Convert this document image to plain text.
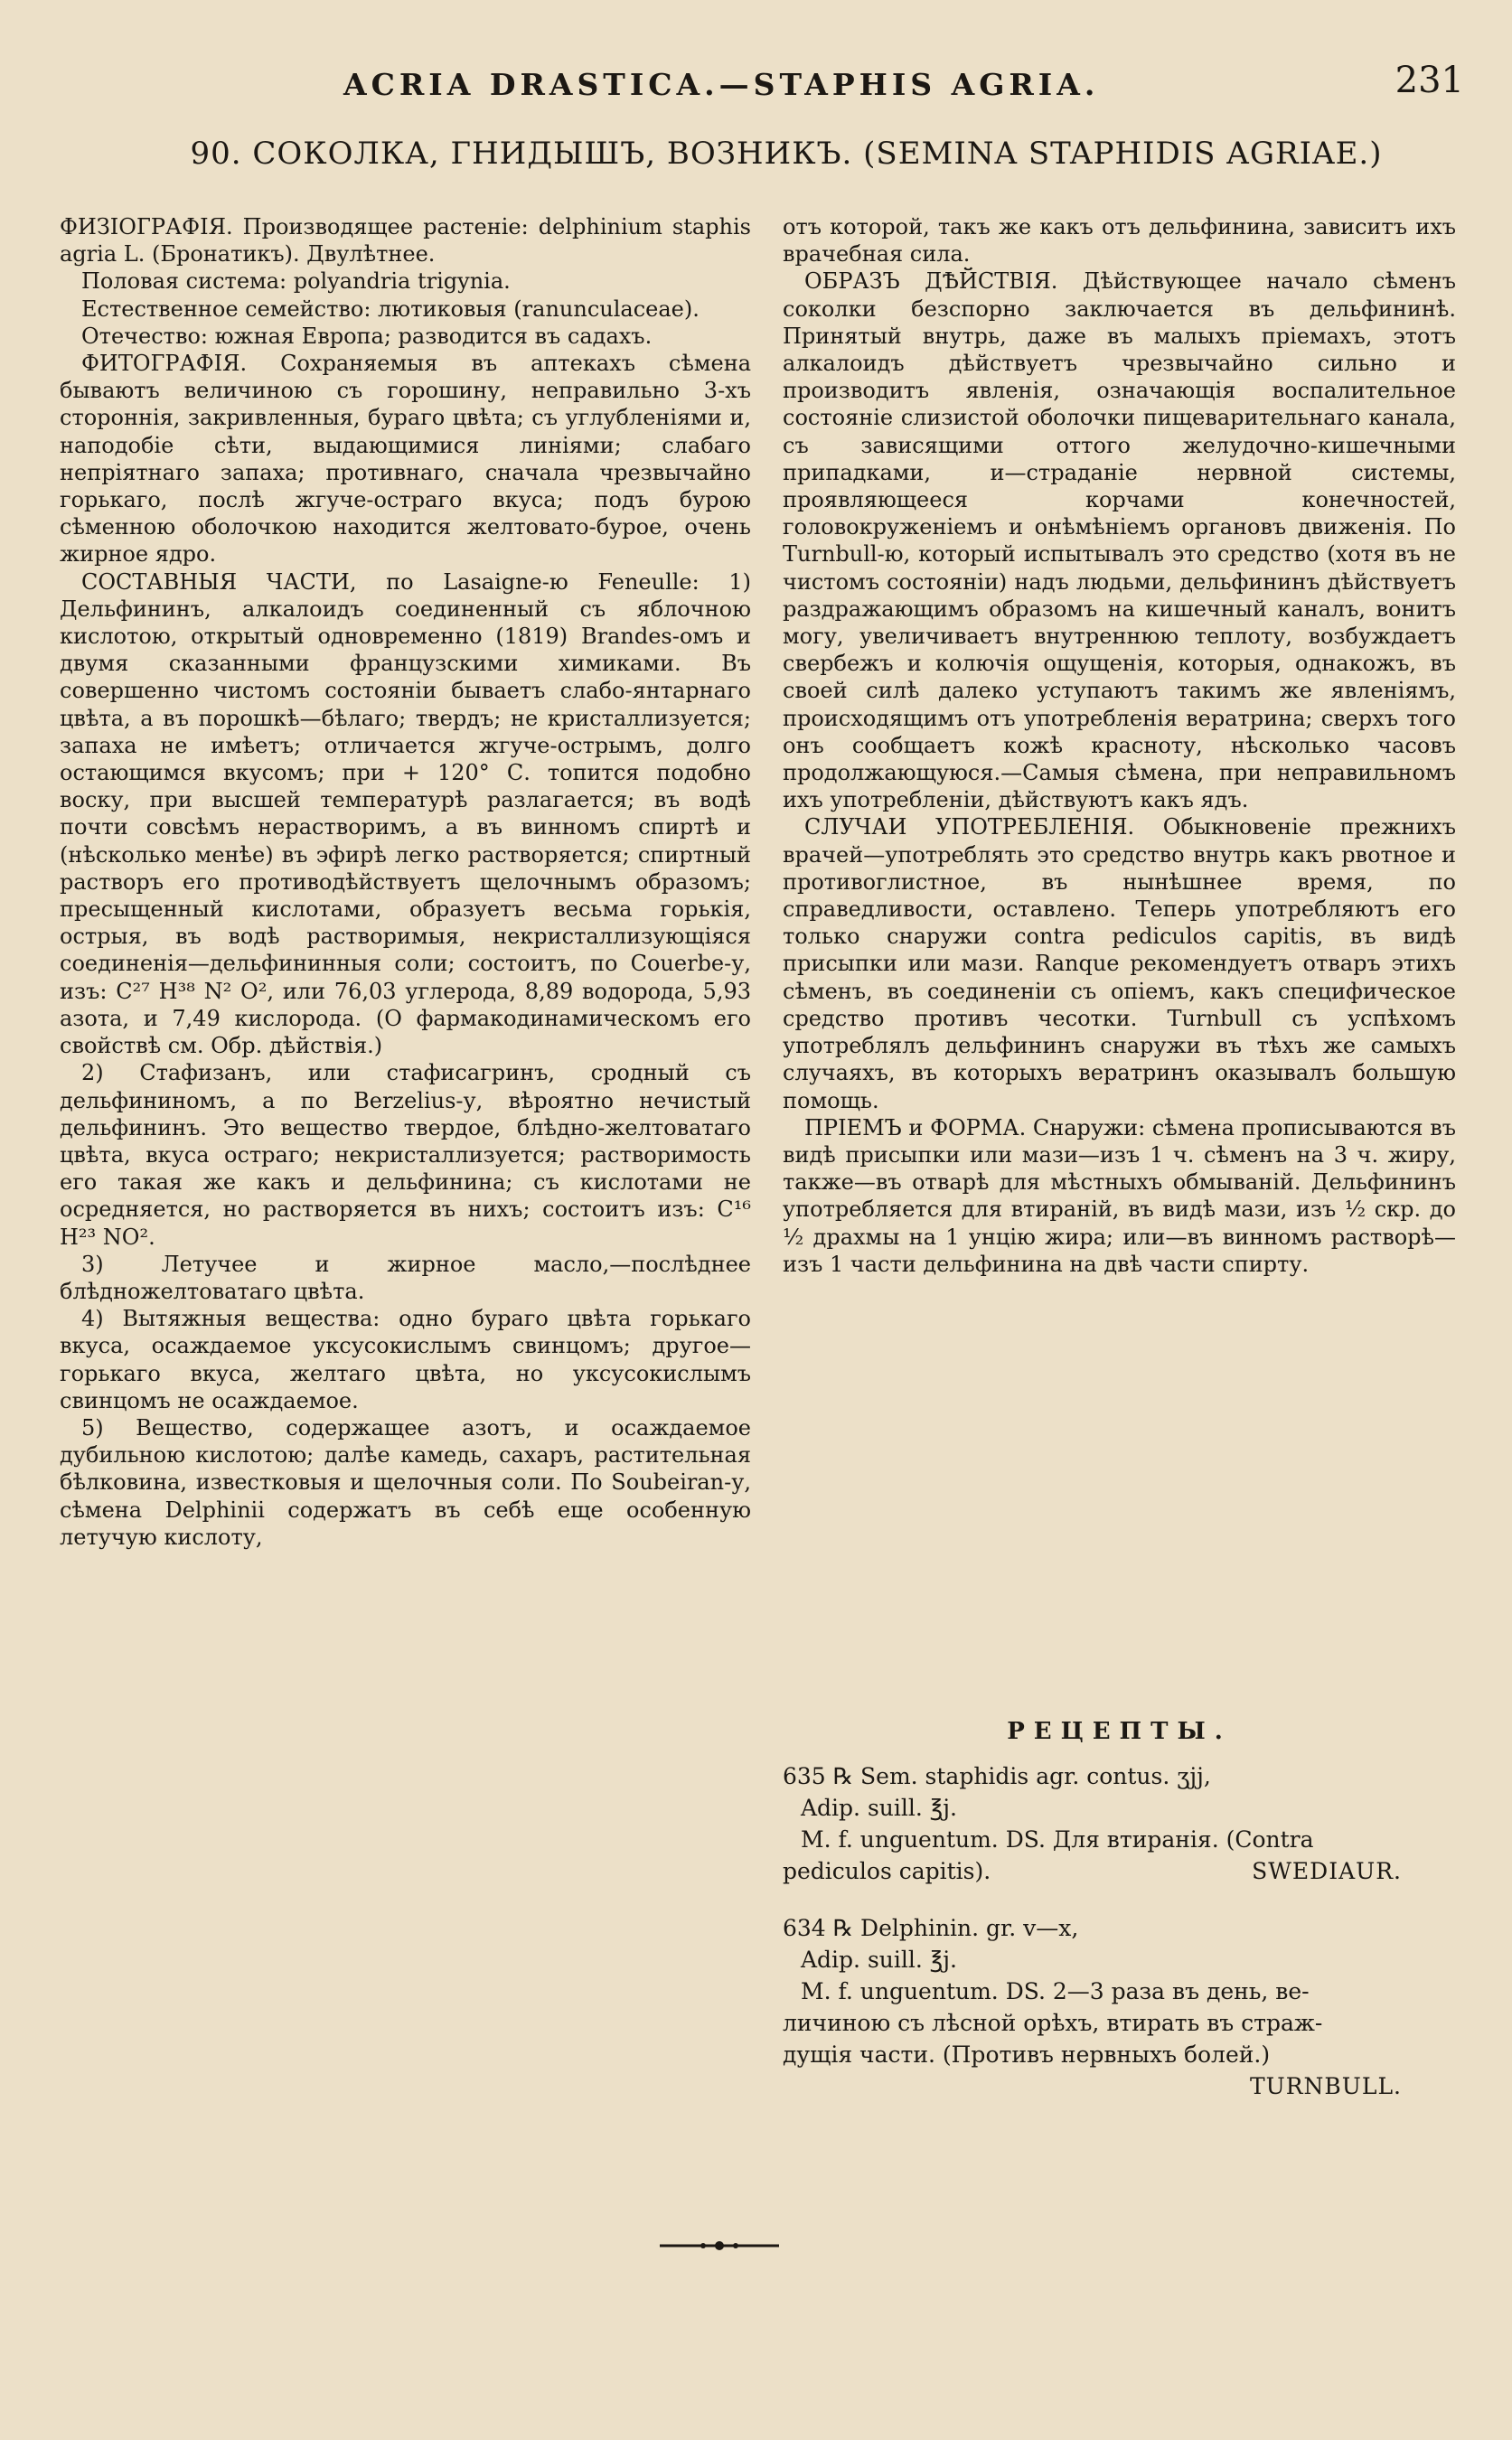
ACRIA DRASTICA.—STAPHIS AGRIA.	231
90. СОКОЛКА, ГНИДЫШЪ, ВОЗНИКЪ. (SEMINA STAPHIDIS AGRIAE.)

ФИЗIОГРАФIЯ. Производящее растенiе: delphinium staphis agria L. (Бронатикъ). Двулѣтнее.

Половая система: polyandria trigynia.

Естественное семейство: лютиковыя (ranunculaceae).

Отечество: южная Европа; разводится въ садахъ.

ФИТОГРАФIЯ. Сохраняемыя въ аптекахъ сѣмена бываютъ величиною съ горошину, неправильно 3-хъ стороннiя, закривленныя, бураго цвѣта; съ углубленiями и, наподобie сѣти, выдающимися линiями; слабаго непрiятнаго запаха; противнаго, сначала чрезвычайно горькаго, послѣ жгуче-остраго вкуса; подъ бурою сѣменною оболочкою находится желтовато-бурое, очень жирное ядро.

СОСТАВНЫЯ ЧАСТИ, по Lasaigne-ю Feneulle: 1) Дельфининъ, алкалоидъ соединенный съ яблочною кислотою, открытый одновременно (1819) Brandes-омъ и двумя сказанными французскими химиками. Въ совершенно чистомъ состоянiи бываетъ слабо-янтарнаго цвѣта, а въ порошкѣ—бѣлаго; твердъ; не кристаллизуется; запаха не имѣетъ; отличается жгуче-острымъ, долго остающимся вкусомъ; при + 120° С. топится подобно воску, при высшей температурѣ разлагается; въ водѣ почти совсѣмъ нерастворимъ, а въ винномъ спиртѣ и (нѣсколько менѣе) въ эфирѣ легко растворяется; спиртный растворъ его противодѣйствуетъ щелочнымъ образомъ; пресыщенный кислотами, образуетъ весьма горькiя, острыя, въ водѣ растворимыя, некристаллизующiяся соединенiя—дельфининныя соли; состоитъ, по Couerbe-у, изъ: C²⁷ H³⁸ N² O², или 76,03 углерода, 8,89 водорода, 5,93 азота, и 7,49 кислорода. (О фармакодинамическомъ его свойствѣ см. Обр. дѣйствiя.)

2) Стафизанъ, или стафисагринъ, сродный съ дельфининомъ, а по Berzelius-у, вѣроятно нечистый дельфининъ. Это вещество твердое, блѣдно-желтоватаго цвѣта, вкуса остраго; некристаллизуется; растворимость его такая же какъ и дельфинина; съ кислотами не осредняется, но растворяется въ нихъ; состоитъ изъ: C¹⁶ H²³ NO².

3) Летучее и жирное масло,—послѣднее блѣдножелтоватаго цвѣта.

4) Вытяжныя вещества: одно бураго цвѣта горькаго вкуса, осаждаемое уксусокислымъ свинцомъ; другое—горькаго вкуса, желтаго цвѣта, но уксусокислымъ свинцомъ не осаждаемое.

5) Вещество, содержащее азотъ, и осаждаемое дубильною кислотою; далѣе камедь, сахаръ, растительная бѣлковина, известковыя и щелочныя соли. По Soubeiran-у, сѣмена Delphinii содержатъ въ себѣ еще особенную летучую кислоту,

отъ которой, такъ же какъ отъ дельфинина, зависитъ ихъ врачебная сила.

ОБРАЗЪ ДѢЙСТВIЯ. Дѣйствующее начало сѣменъ соколки безспорно заключается въ дельфининѣ. Принятый внутрь, даже въ малыхъ прiемахъ, этотъ алкалоидъ дѣйствуетъ чрезвычайно сильно и производитъ явленiя, означающiя воспалительное состоянiе слизистой оболочки пищеварительнаго канала, съ зависящими оттого желудочно-кишечными припадками, и—страданie нервной системы, проявляющееся корчами конечностей, головокруженiемъ и онѣмѣнiемъ органовъ движенiя. По Turnbull-ю, который испытывалъ это средство (хотя въ не чистомъ состоянiи) надъ людьми, дельфининъ дѣйствуетъ раздражающимъ образомъ на кишечный каналъ, вонитъ могу, увеличиваетъ внутреннюю теплоту, возбуждаетъ свербежъ и колючiя ощущенiя, которыя, однакожъ, въ своей силѣ далеко уступаютъ такимъ же явленiямъ, происходящимъ отъ употребленiя вератрина; сверхъ того онъ сообщаетъ кожѣ красноту, нѣсколько часовъ продолжающуюся.—Самыя сѣмена, при неправильномъ ихъ употребленiи, дѣйствуютъ какъ ядъ.

СЛУЧАИ УПОТРЕБЛЕНIЯ. Обыкновенie прежнихъ врачей—употреблять это средство внутрь какъ рвотное и противоглистное, въ нынѣшнее время, по справедливости, оставлено. Теперь употребляютъ его только снаружи contra pediculos capitis, въ видѣ присыпки или мази. Ranque рекомендуетъ отваръ этихъ сѣменъ, въ соединенiи съ опiемъ, какъ специфическое средство противъ чесотки. Turnbull съ успѣхомъ употреблялъ дельфининъ снаружи въ тѣхъ же самыхъ случаяхъ, въ которыхъ вератринъ оказывалъ большую помощь.

ПРIЕМЪ и ФОРМА. Снаружи: сѣмена прописываются въ видѣ присыпки или мази—изъ 1 ч. сѣменъ на 3 ч. жиру, также—въ отварѣ для мѣстныхъ обмыванiй. Дельфининъ употребляется для втиранiй, въ видѣ мази, изъ ½ скр. до ½ драхмы на 1 унцiю жира; или—въ винномъ растворѣ—изъ 1 части дельфинина на двѣ части спирту.

РЕЦЕПТЫ.
635 ℞ Sem. staphidis agr. contus. ʒjj,
Adip. suill. ℥j.
M. f. unguentum. DS. Для втиранiя. (Contra
pediculos capitis).	SWEDIAUR.
634 ℞ Delphinin. gr. v—x,
Adip. suill. ℥j.
M. f. unguentum. DS. 2—3 раза въ день, ве-
личиною съ лѣсной орѣхъ, втирать въ страж-
дущiя части. (Противъ нервныхъ болей.)
TURNBULL.
